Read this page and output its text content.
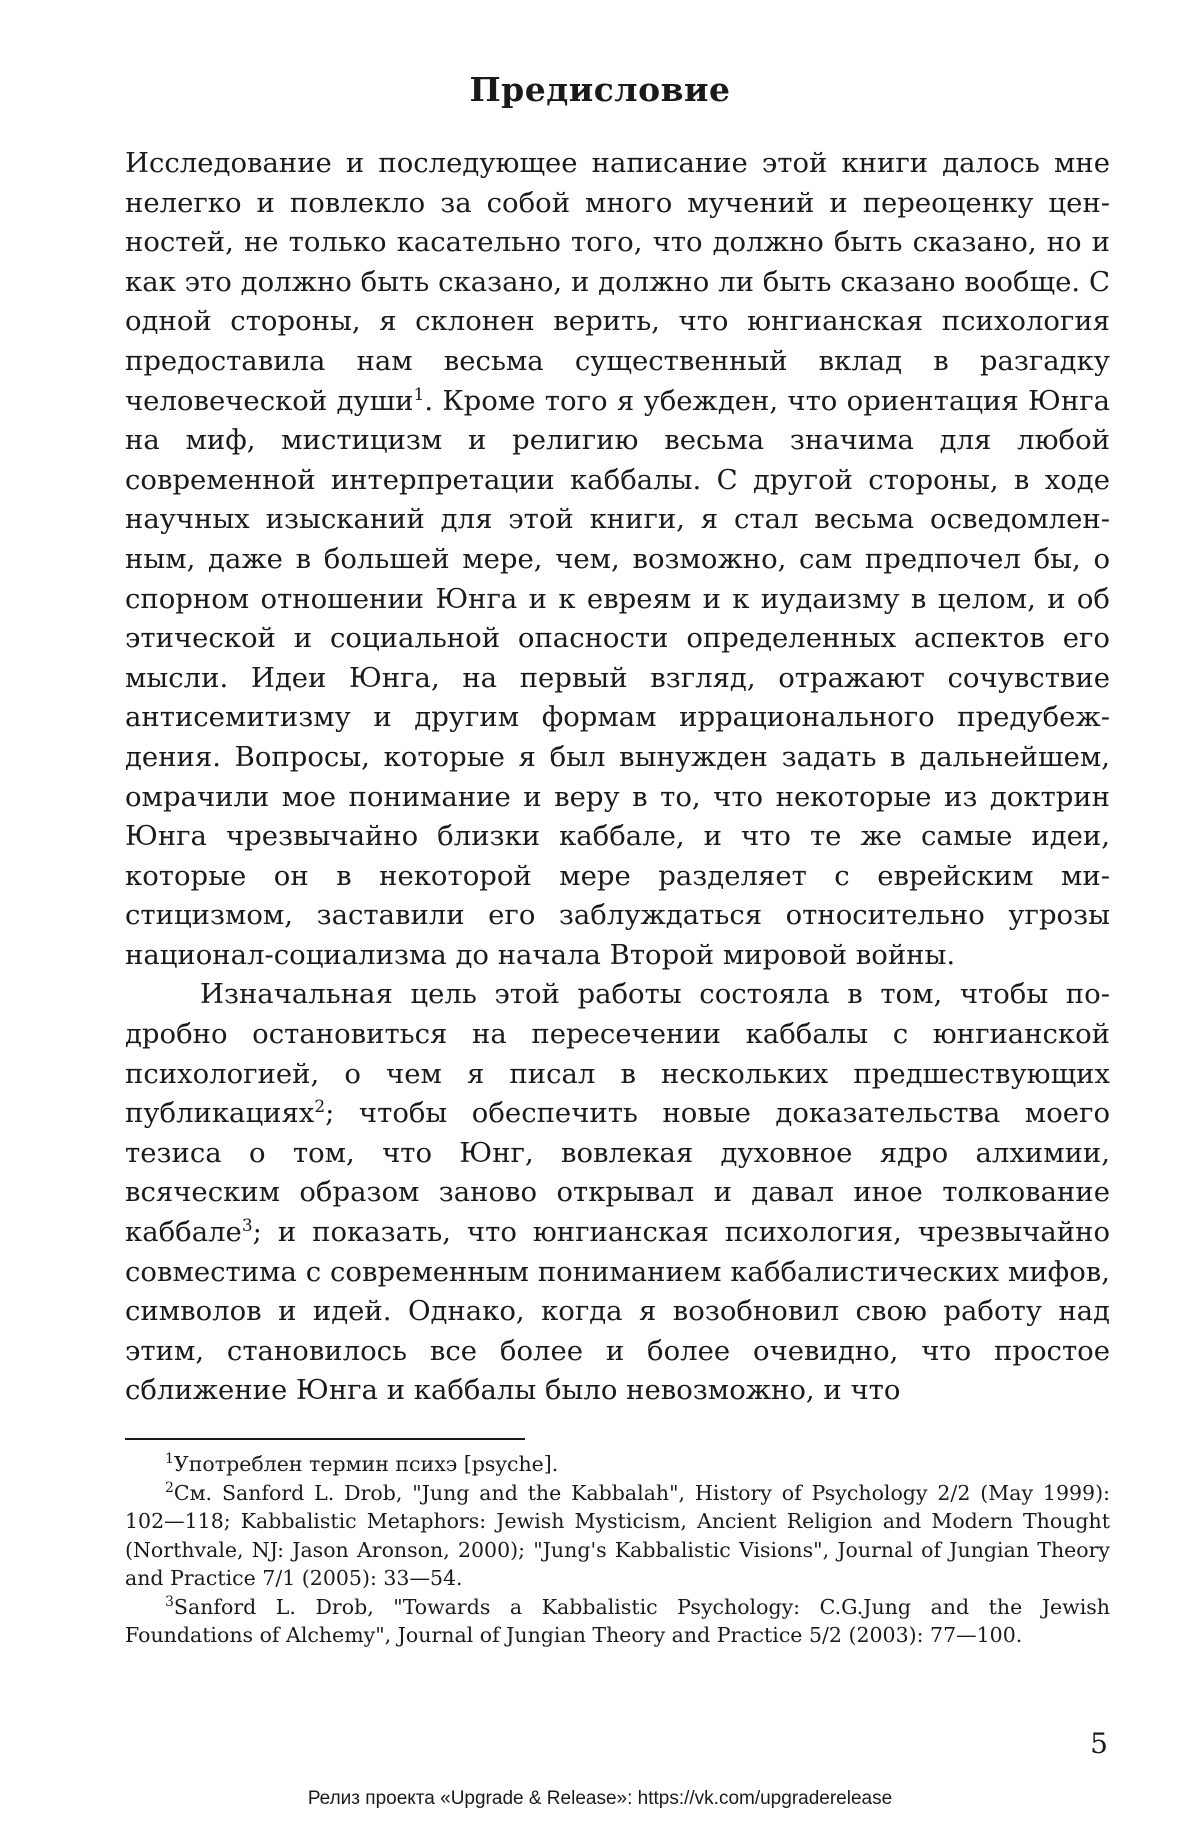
Предисловие

Исследование и последующее написание этой книги далось мне нелегко и повлекло за собой много мучений и переоценку ценностей, не только касательно того, что должно быть сказано, но и как это должно быть сказано, и должно ли быть сказано вообще. С одной стороны, я склонен верить, что юнгианская психология предоставила нам весьма существенный вклад в разгадку человеческой души$^1$. Кроме того я убежден, что ориентация Юнга на миф, мистицизм и религию весьма значима для любой современной интерпретации каббалы. С другой стороны, в ходе научных изысканий для этой книги, я стал весьма осведомленным, даже в большей мере, чем, возможно, сам предпочел бы, о спорном отношении Юнга и к евреям и к иудаизму в целом, и об этической и социальной опасности определенных аспектов его мысли. Идеи Юнга, на первый взгляд, отражают сочувствие антисемитизму и другим формам иррационального предубеждения. Вопросы, которые я был вынужден задать в дальнейшем, омрачили мое понимание и веру в то, что некоторые из доктрин Юнга чрезвычайно близки каббале, и что те же самые идеи, которые он в некоторой мере разделяет с еврейским мистицизмом, заставили его заблуждаться относительно угрозы национал-социализма до начала Второй мировой войны.

Изначальная цель этой работы состояла в том, чтобы подробно остановиться на пересечении каббалы с юнгианской психологией, о чем я писал в нескольких предшествующих публикациях$^2$; чтобы обеспечить новые доказательства моего тезиса о том, что Юнг, вовлекая духовное ядро алхимии, всяческим образом заново открывал и давал иное толкование каббале$^3$; и показать, что юнгианская психология, чрезвычайно совместима с современным пониманием каббалистических мифов, символов и идей. Однако, когда я возобновил свою работу над этим, становилось все более и более очевидно, что простое сближение Юнга и каббалы было невозможно, и что

$^1$Употреблен термин психэ [psyche].

$^2$См. Sanford L. Drob, "Jung and the Kabbalah", History of Psychology 2/2 (May 1999): 102—118; Kabbalistic Metaphors: Jewish Mysticism, Ancient Religion and Modern Thought (Northvale, NJ: Jason Aronson, 2000); "Jung's Kabbalistic Visions", Journal of Jungian Theory and Practice 7/1 (2005): 33—54.

$^3$Sanford L. Drob, "Towards a Kabbalistic Psychology: C.G.Jung and the Jewish Foundations of Alchemy", Journal of Jungian Theory and Practice 5/2 (2003): 77—100.

5

Релиз проекта «Upgrade & Release»: https://vk.com/upgraderelease
